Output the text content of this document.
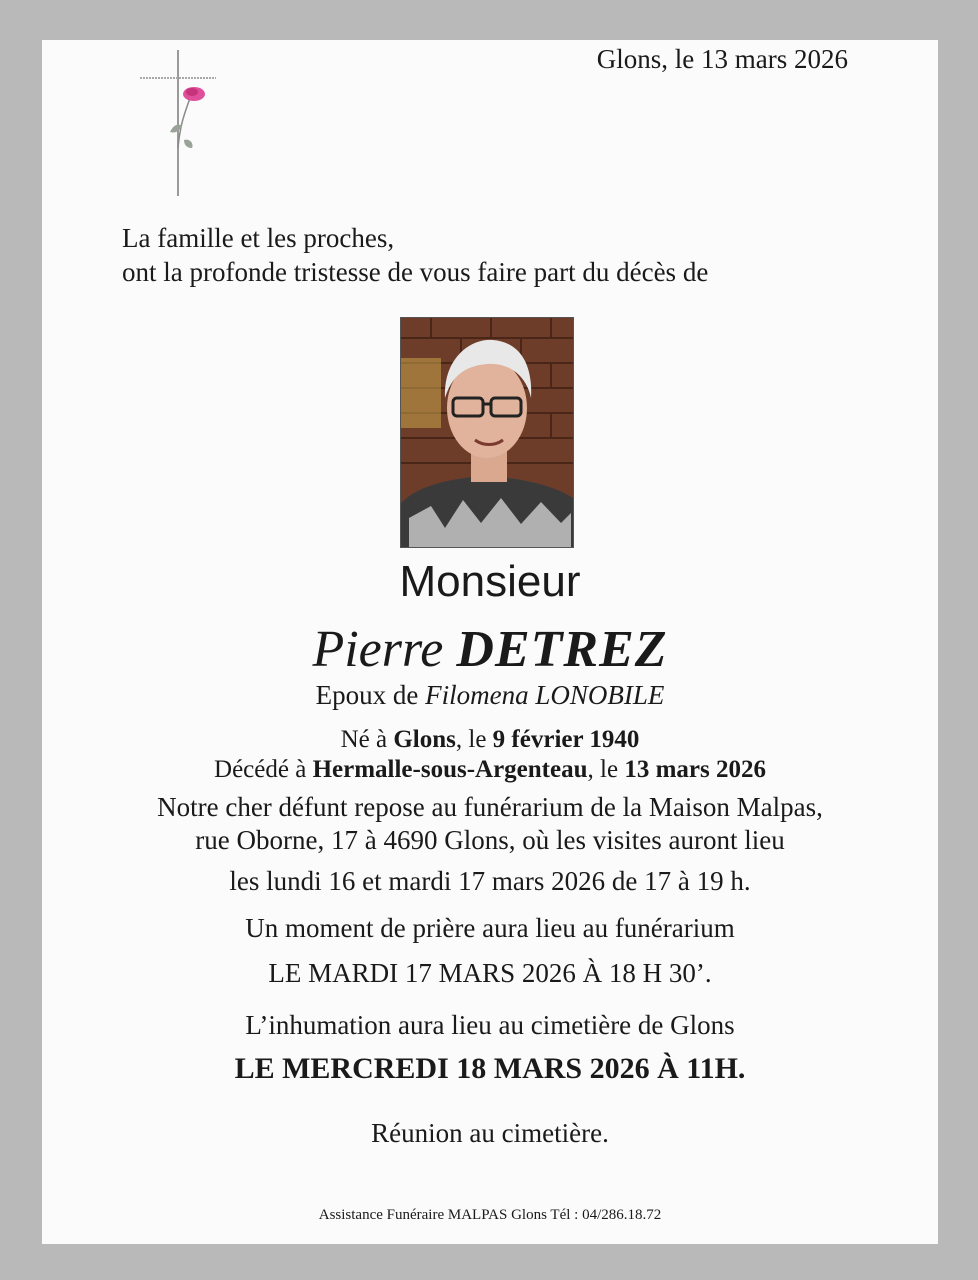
Glons, le 13 mars 2026
La famille et les proches,
ont la profonde tristesse de vous faire part du décès de
Monsieur
Pierre DETREZ
Epoux de Filomena LONOBILE
Né à Glons, le 9 février 1940
Décédé à Hermalle-sous-Argenteau, le 13 mars 2026
Notre cher défunt repose au funérarium de la Maison Malpas,
rue Oborne, 17 à 4690 Glons, où les visites auront lieu
les lundi 16 et mardi 17 mars 2026 de 17 à 19 h.
Un moment de prière aura lieu au funérarium
LE MARDI 17 MARS 2026 À 18 H 30’.
L’inhumation aura lieu au cimetière de Glons
LE MERCREDI 18 MARS 2026 À 11H.
Réunion au cimetière.
Assistance Funéraire MALPAS Glons Tél : 04/286.18.72
